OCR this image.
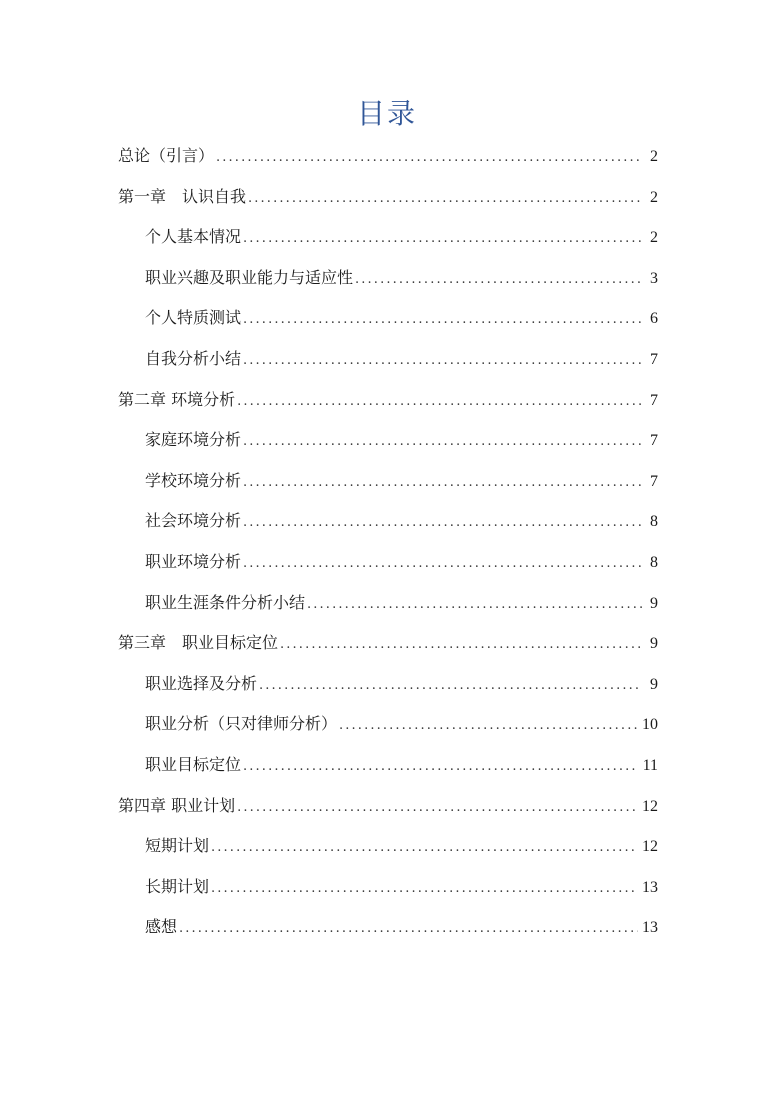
目录
总论（引言） . . .	2
第一章　认识自我 . . .	2
个人基本情况 . . .	2
职业兴趣及职业能力与适应性 . . .	3
个人特质测试 . . .	6
自我分析小结 . . .	7
第二章 环境分析 . . .	7
家庭环境分析 . . .	7
学校环境分析 . . .	7
社会环境分析 . . .	8
职业环境分析 . . .	8
职业生涯条件分析小结 . . .	9
第三章　职业目标定位 . . .	9
职业选择及分析 . . .	9
职业分析（只对律师分析） . . .	10
职业目标定位 . . .	11
第四章 职业计划 . . .	12
短期计划 . . .	12
长期计划 . . .	13
感想 . . .	13
